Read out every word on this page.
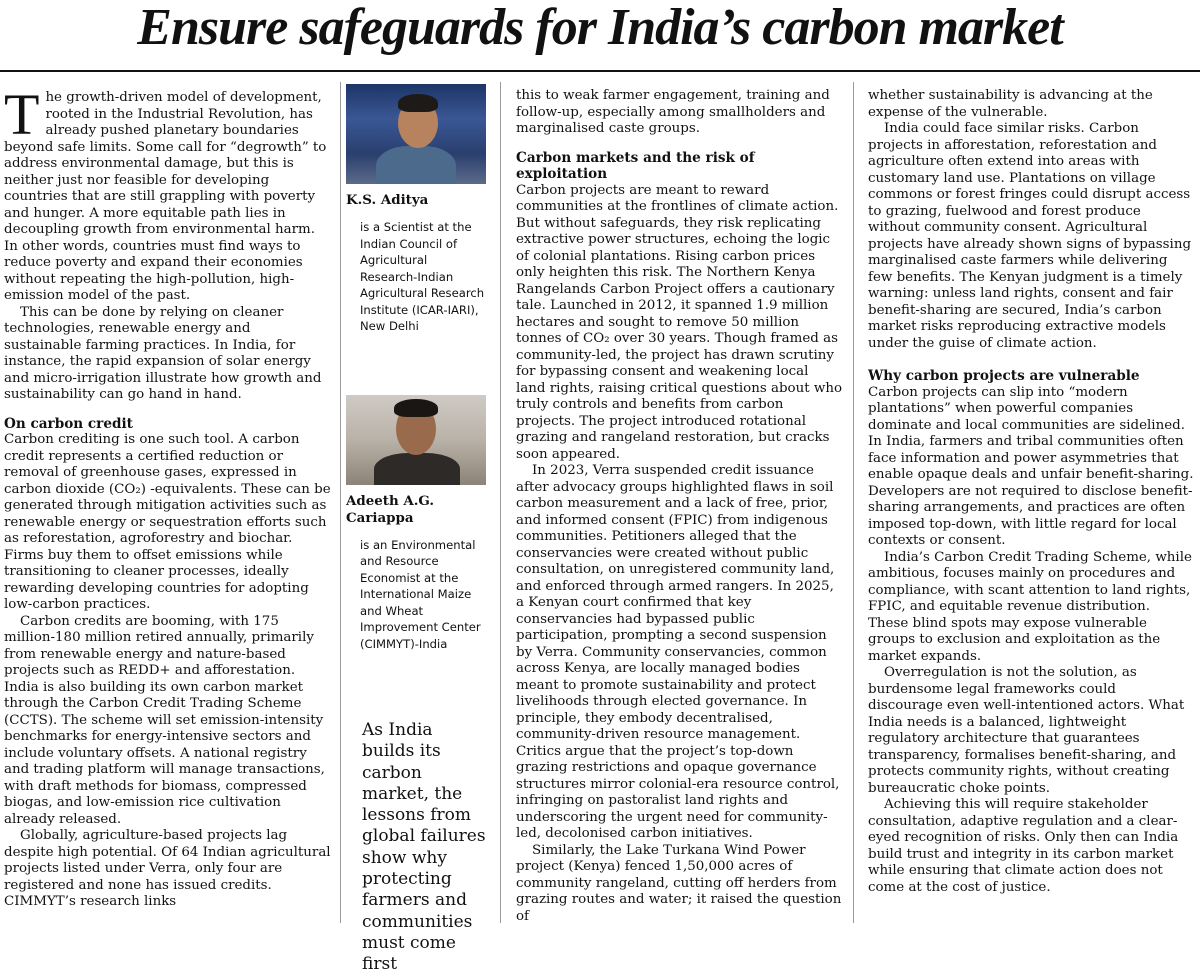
Ensure safeguards for India’s carbon market

The growth-driven model of development, rooted in the Industrial Revolution, has already pushed planetary boundaries beyond safe limits. Some call for “degrowth” to address environmental damage, but this is neither just nor feasible for developing countries that are still grappling with poverty and hunger. A more equitable path lies in decoupling growth from environmental harm. In other words, countries must find ways to reduce poverty and expand their economies without repeating the high-pollution, high-emission model of the past.

This can be done by relying on cleaner technologies, renewable energy and sustainable farming practices. In India, for instance, the rapid expansion of solar energy and micro-irrigation illustrate how growth and sustainability can go hand in hand.

On carbon credit

Carbon crediting is one such tool. A carbon credit represents a certified reduction or removal of greenhouse gases, expressed in carbon dioxide (CO₂) -equivalents. These can be generated through mitigation activities such as renewable energy or sequestration efforts such as reforestation, agroforestry and biochar. Firms buy them to offset emissions while transitioning to cleaner processes, ideally rewarding developing countries for adopting low-carbon practices.

Carbon credits are booming, with 175 million-180 million retired annually, primarily from renewable energy and nature-based projects such as REDD+ and afforestation. India is also building its own carbon market through the Carbon Credit Trading Scheme (CCTS). The scheme will set emission-intensity benchmarks for energy-intensive sectors and include voluntary offsets. A national registry and trading platform will manage transactions, with draft methods for biomass, compressed biogas, and low-emission rice cultivation already released.

Globally, agriculture-based projects lag despite high potential. Of 64 Indian agricultural projects listed under Verra, only four are registered and none has issued credits. CIMMYT’s research links

K.S. Aditya
is a Scientist at the Indian Council of Agricultural Research-Indian Agricultural Research Institute (ICAR-IARI), New Delhi
Adeeth A.G. Cariappa
is an Environmental and Resource Economist at the International Maize and Wheat Improvement Center (CIMMYT)-India
As India builds its carbon market, the lessons from global failures show why protecting farmers and communities must come first

this to weak farmer engagement, training and follow-up, especially among smallholders and marginalised caste groups.

Carbon markets and the risk of exploitation

Carbon projects are meant to reward communities at the frontlines of climate action. But without safeguards, they risk replicating extractive power structures, echoing the logic of colonial plantations. Rising carbon prices only heighten this risk. The Northern Kenya Rangelands Carbon Project offers a cautionary tale. Launched in 2012, it spanned 1.9 million hectares and sought to remove 50 million tonnes of CO₂ over 30 years. Though framed as community-led, the project has drawn scrutiny for bypassing consent and weakening local land rights, raising critical questions about who truly controls and benefits from carbon projects. The project introduced rotational grazing and rangeland restoration, but cracks soon appeared.

In 2023, Verra suspended credit issuance after advocacy groups highlighted flaws in soil carbon measurement and a lack of free, prior, and informed consent (FPIC) from indigenous communities. Petitioners alleged that the conservancies were created without public consultation, on unregistered community land, and enforced through armed rangers. In 2025, a Kenyan court confirmed that key conservancies had bypassed public participation, prompting a second suspension by Verra. Community conservancies, common across Kenya, are locally managed bodies meant to promote sustainability and protect livelihoods through elected governance. In principle, they embody decentralised, community-driven resource management. Critics argue that the project’s top-down grazing restrictions and opaque governance structures mirror colonial-era resource control, infringing on pastoralist land rights and underscoring the urgent need for community-led, decolonised carbon initiatives.

Similarly, the Lake Turkana Wind Power project (Kenya) fenced 1,50,000 acres of community rangeland, cutting off herders from grazing routes and water; it raised the question of

whether sustainability is advancing at the expense of the vulnerable.

India could face similar risks. Carbon projects in afforestation, reforestation and agriculture often extend into areas with customary land use. Plantations on village commons or forest fringes could disrupt access to grazing, fuelwood and forest produce without community consent. Agricultural projects have already shown signs of bypassing marginalised caste farmers while delivering few benefits. The Kenyan judgment is a timely warning: unless land rights, consent and fair benefit-sharing are secured, India’s carbon market risks reproducing extractive models under the guise of climate action.

Why carbon projects are vulnerable

Carbon projects can slip into “modern plantations” when powerful companies dominate and local communities are sidelined. In India, farmers and tribal communities often face information and power asymmetries that enable opaque deals and unfair benefit-sharing. Developers are not required to disclose benefit-sharing arrangements, and practices are often imposed top-down, with little regard for local contexts or consent.

India’s Carbon Credit Trading Scheme, while ambitious, focuses mainly on procedures and compliance, with scant attention to land rights, FPIC, and equitable revenue distribution. These blind spots may expose vulnerable groups to exclusion and exploitation as the market expands.

Overregulation is not the solution, as burdensome legal frameworks could discourage even well-intentioned actors. What India needs is a balanced, lightweight regulatory architecture that guarantees transparency, formalises benefit-sharing, and protects community rights, without creating bureaucratic choke points.

Achieving this will require stakeholder consultation, adaptive regulation and a clear-eyed recognition of risks. Only then can India build trust and integrity in its carbon market while ensuring that climate action does not come at the cost of justice.
